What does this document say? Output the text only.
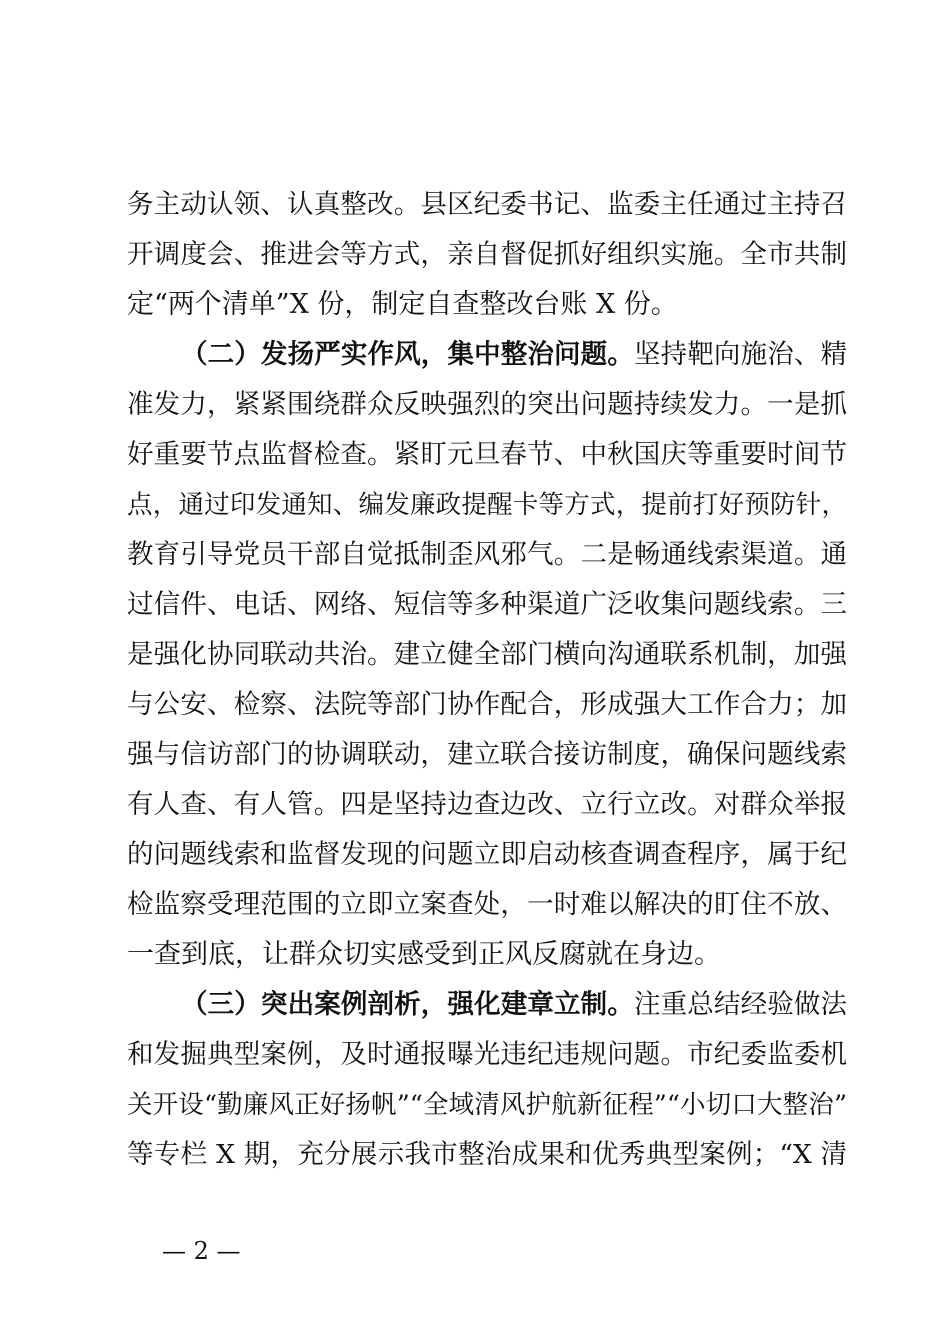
务主动认领、认真整改。县区纪委书记、监委主任通过主持召
开调度会、推进会等方式，亲自督促抓好组织实施。全市共制
定“两个清单”X 份，制定自查整改台账 X 份。
（二）发扬严实作风，集中整治问题。坚持靶向施治、精
准发力，紧紧围绕群众反映强烈的突出问题持续发力。一是抓
好重要节点监督检查。紧盯元旦春节、中秋国庆等重要时间节
点，通过印发通知、编发廉政提醒卡等方式，提前打好预防针，
教育引导党员干部自觉抵制歪风邪气。二是畅通线索渠道。通
过信件、电话、网络、短信等多种渠道广泛收集问题线索。三
是强化协同联动共治。建立健全部门横向沟通联系机制，加强
与公安、检察、法院等部门协作配合，形成强大工作合力；加
强与信访部门的协调联动，建立联合接访制度，确保问题线索
有人查、有人管。四是坚持边查边改、立行立改。对群众举报
的问题线索和监督发现的问题立即启动核查调查程序，属于纪
检监察受理范围的立即立案查处，一时难以解决的盯住不放、
一查到底，让群众切实感受到正风反腐就在身边。
（三）突出案例剖析，强化建章立制。注重总结经验做法
和发掘典型案例，及时通报曝光违纪违规问题。市纪委监委机
关开设“勤廉风正好扬帆”“全域清风护航新征程”“小切口大整治”
等专栏 X 期，充分展示我市整治成果和优秀典型案例；“X 清
— 2 —
